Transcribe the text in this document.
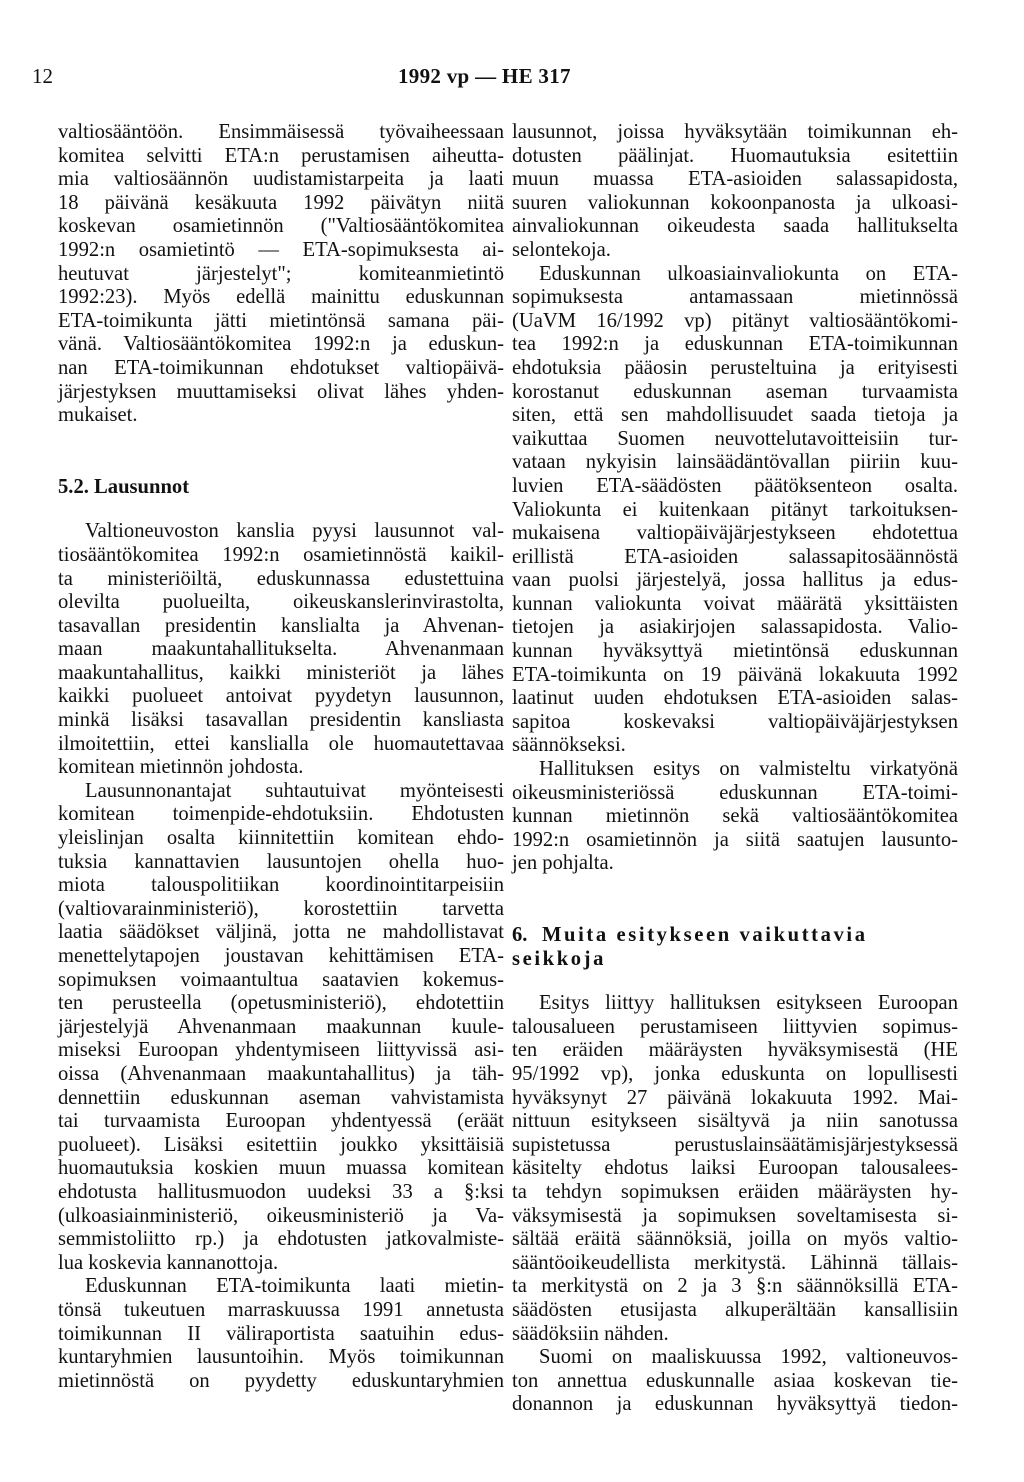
12	1992 vp — HE 317
valtiosääntöön. Ensimmäisessä työvaiheessaan
komitea selvitti ETA:n perustamisen aiheutta-
mia valtiosäännön uudistamistarpeita ja laati
18 päivänä kesäkuuta 1992 päivätyn niitä
koskevan osamietinnön ("Valtiosääntökomitea
1992:n osamietintö — ETA-sopimuksesta ai-
heutuvat järjestelyt"; komiteanmietintö
1992:23). Myös edellä mainittu eduskunnan
ETA-toimikunta jätti mietintönsä samana päi-
vänä. Valtiosääntökomitea 1992:n ja eduskun-
nan ETA-toimikunnan ehdotukset valtiopäivä-
järjestyksen muuttamiseksi olivat lähes yhden-
mukaiset.
5.2. Lausunnot
Valtioneuvoston kanslia pyysi lausunnot val-
tiosääntökomitea 1992:n osamietinnöstä kaikil-
ta ministeriöiltä, eduskunnassa edustettuina
olevilta puolueilta, oikeuskanslerinvirastolta,
tasavallan presidentin kanslialta ja Ahvenan-
maan maakuntahallitukselta. Ahvenanmaan
maakuntahallitus, kaikki ministeriöt ja lähes
kaikki puolueet antoivat pyydetyn lausunnon,
minkä lisäksi tasavallan presidentin kansliasta
ilmoitettiin, ettei kanslialla ole huomautettavaa
komitean mietinnön johdosta.
Lausunnonantajat suhtautuivat myönteisesti
komitean toimenpide-ehdotuksiin. Ehdotusten
yleislinjan osalta kiinnitettiin komitean ehdo-
tuksia kannattavien lausuntojen ohella huo-
miota talouspolitiikan koordinointitarpeisiin
(valtiovarainministeriö), korostettiin tarvetta
laatia säädökset väljinä, jotta ne mahdollistavat
menettelytapojen joustavan kehittämisen ETA-
sopimuksen voimaantultua saatavien kokemus-
ten perusteella (opetusministeriö), ehdotettiin
järjestelyjä Ahvenanmaan maakunnan kuule-
miseksi Euroopan yhdentymiseen liittyvissä asi-
oissa (Ahvenanmaan maakuntahallitus) ja täh-
dennettiin eduskunnan aseman vahvistamista
tai turvaamista Euroopan yhdentyessä (eräät
puolueet). Lisäksi esitettiin joukko yksittäisiä
huomautuksia koskien muun muassa komitean
ehdotusta hallitusmuodon uudeksi 33 a §:ksi
(ulkoasiainministeriö, oikeusministeriö ja Va-
semmistoliitto rp.) ja ehdotusten jatkovalmiste-
lua koskevia kannanottoja.
Eduskunnan ETA-toimikunta laati mietin-
tönsä tukeutuen marraskuussa 1991 annetusta
toimikunnan II väliraportista saatuihin edus-
kuntaryhmien lausuntoihin. Myös toimikunnan
mietinnöstä on pyydetty eduskuntaryhmien
lausunnot, joissa hyväksytään toimikunnan eh-
dotusten päälinjat. Huomautuksia esitettiin
muun muassa ETA-asioiden salassapidosta,
suuren valiokunnan kokoonpanosta ja ulkoasi-
ainvaliokunnan oikeudesta saada hallitukselta
selontekoja.
Eduskunnan ulkoasiainvaliokunta on ETA-
sopimuksesta antamassaan mietinnössä
(UaVM 16/1992 vp) pitänyt valtiosääntökomi-
tea 1992:n ja eduskunnan ETA-toimikunnan
ehdotuksia pääosin perusteltuina ja erityisesti
korostanut eduskunnan aseman turvaamista
siten, että sen mahdollisuudet saada tietoja ja
vaikuttaa Suomen neuvottelutavoitteisiin tur-
vataan nykyisin lainsäädäntövallan piiriin kuu-
luvien ETA-säädösten päätöksenteon osalta.
Valiokunta ei kuitenkaan pitänyt tarkoituksen-
mukaisena valtiopäiväjärjestykseen ehdotettua
erillistä ETA-asioiden salassapitosäännöstä
vaan puolsi järjestelyä, jossa hallitus ja edus-
kunnan valiokunta voivat määrätä yksittäisten
tietojen ja asiakirjojen salassapidosta. Valio-
kunnan hyväksyttyä mietintönsä eduskunnan
ETA-toimikunta on 19 päivänä lokakuuta 1992
laatinut uuden ehdotuksen ETA-asioiden salas-
sapitoa koskevaksi valtiopäiväjärjestyksen
säännökseksi.
Hallituksen esitys on valmisteltu virkatyönä
oikeusministeriössä eduskunnan ETA-toimi-
kunnan mietinnön sekä valtiosääntökomitea
1992:n osamietinnön ja siitä saatujen lausunto-
jen pohjalta.
6. Muita esitykseen vaikuttavia
seikkoja
Esitys liittyy hallituksen esitykseen Euroopan
talousalueen perustamiseen liittyvien sopimus-
ten eräiden määräysten hyväksymisestä (HE
95/1992 vp), jonka eduskunta on lopullisesti
hyväksynyt 27 päivänä lokakuuta 1992. Mai-
nittuun esitykseen sisältyvä ja niin sanotussa
supistetussa perustuslainsäätämisjärjestyksessä
käsitelty ehdotus laiksi Euroopan talousalees-
ta tehdyn sopimuksen eräiden määräysten hy-
väksymisestä ja sopimuksen soveltamisesta si-
sältää eräitä säännöksiä, joilla on myös valtio-
sääntöoikeudellista merkitystä. Lähinnä tällais-
ta merkitystä on 2 ja 3 §:n säännöksillä ETA-
säädösten etusijasta alkuperältään kansallisiin
säädöksiin nähden.
Suomi on maaliskuussa 1992, valtioneuvos-
ton annettua eduskunnalle asiaa koskevan tie-
donannon ja eduskunnan hyväksyttyä tiedon-
